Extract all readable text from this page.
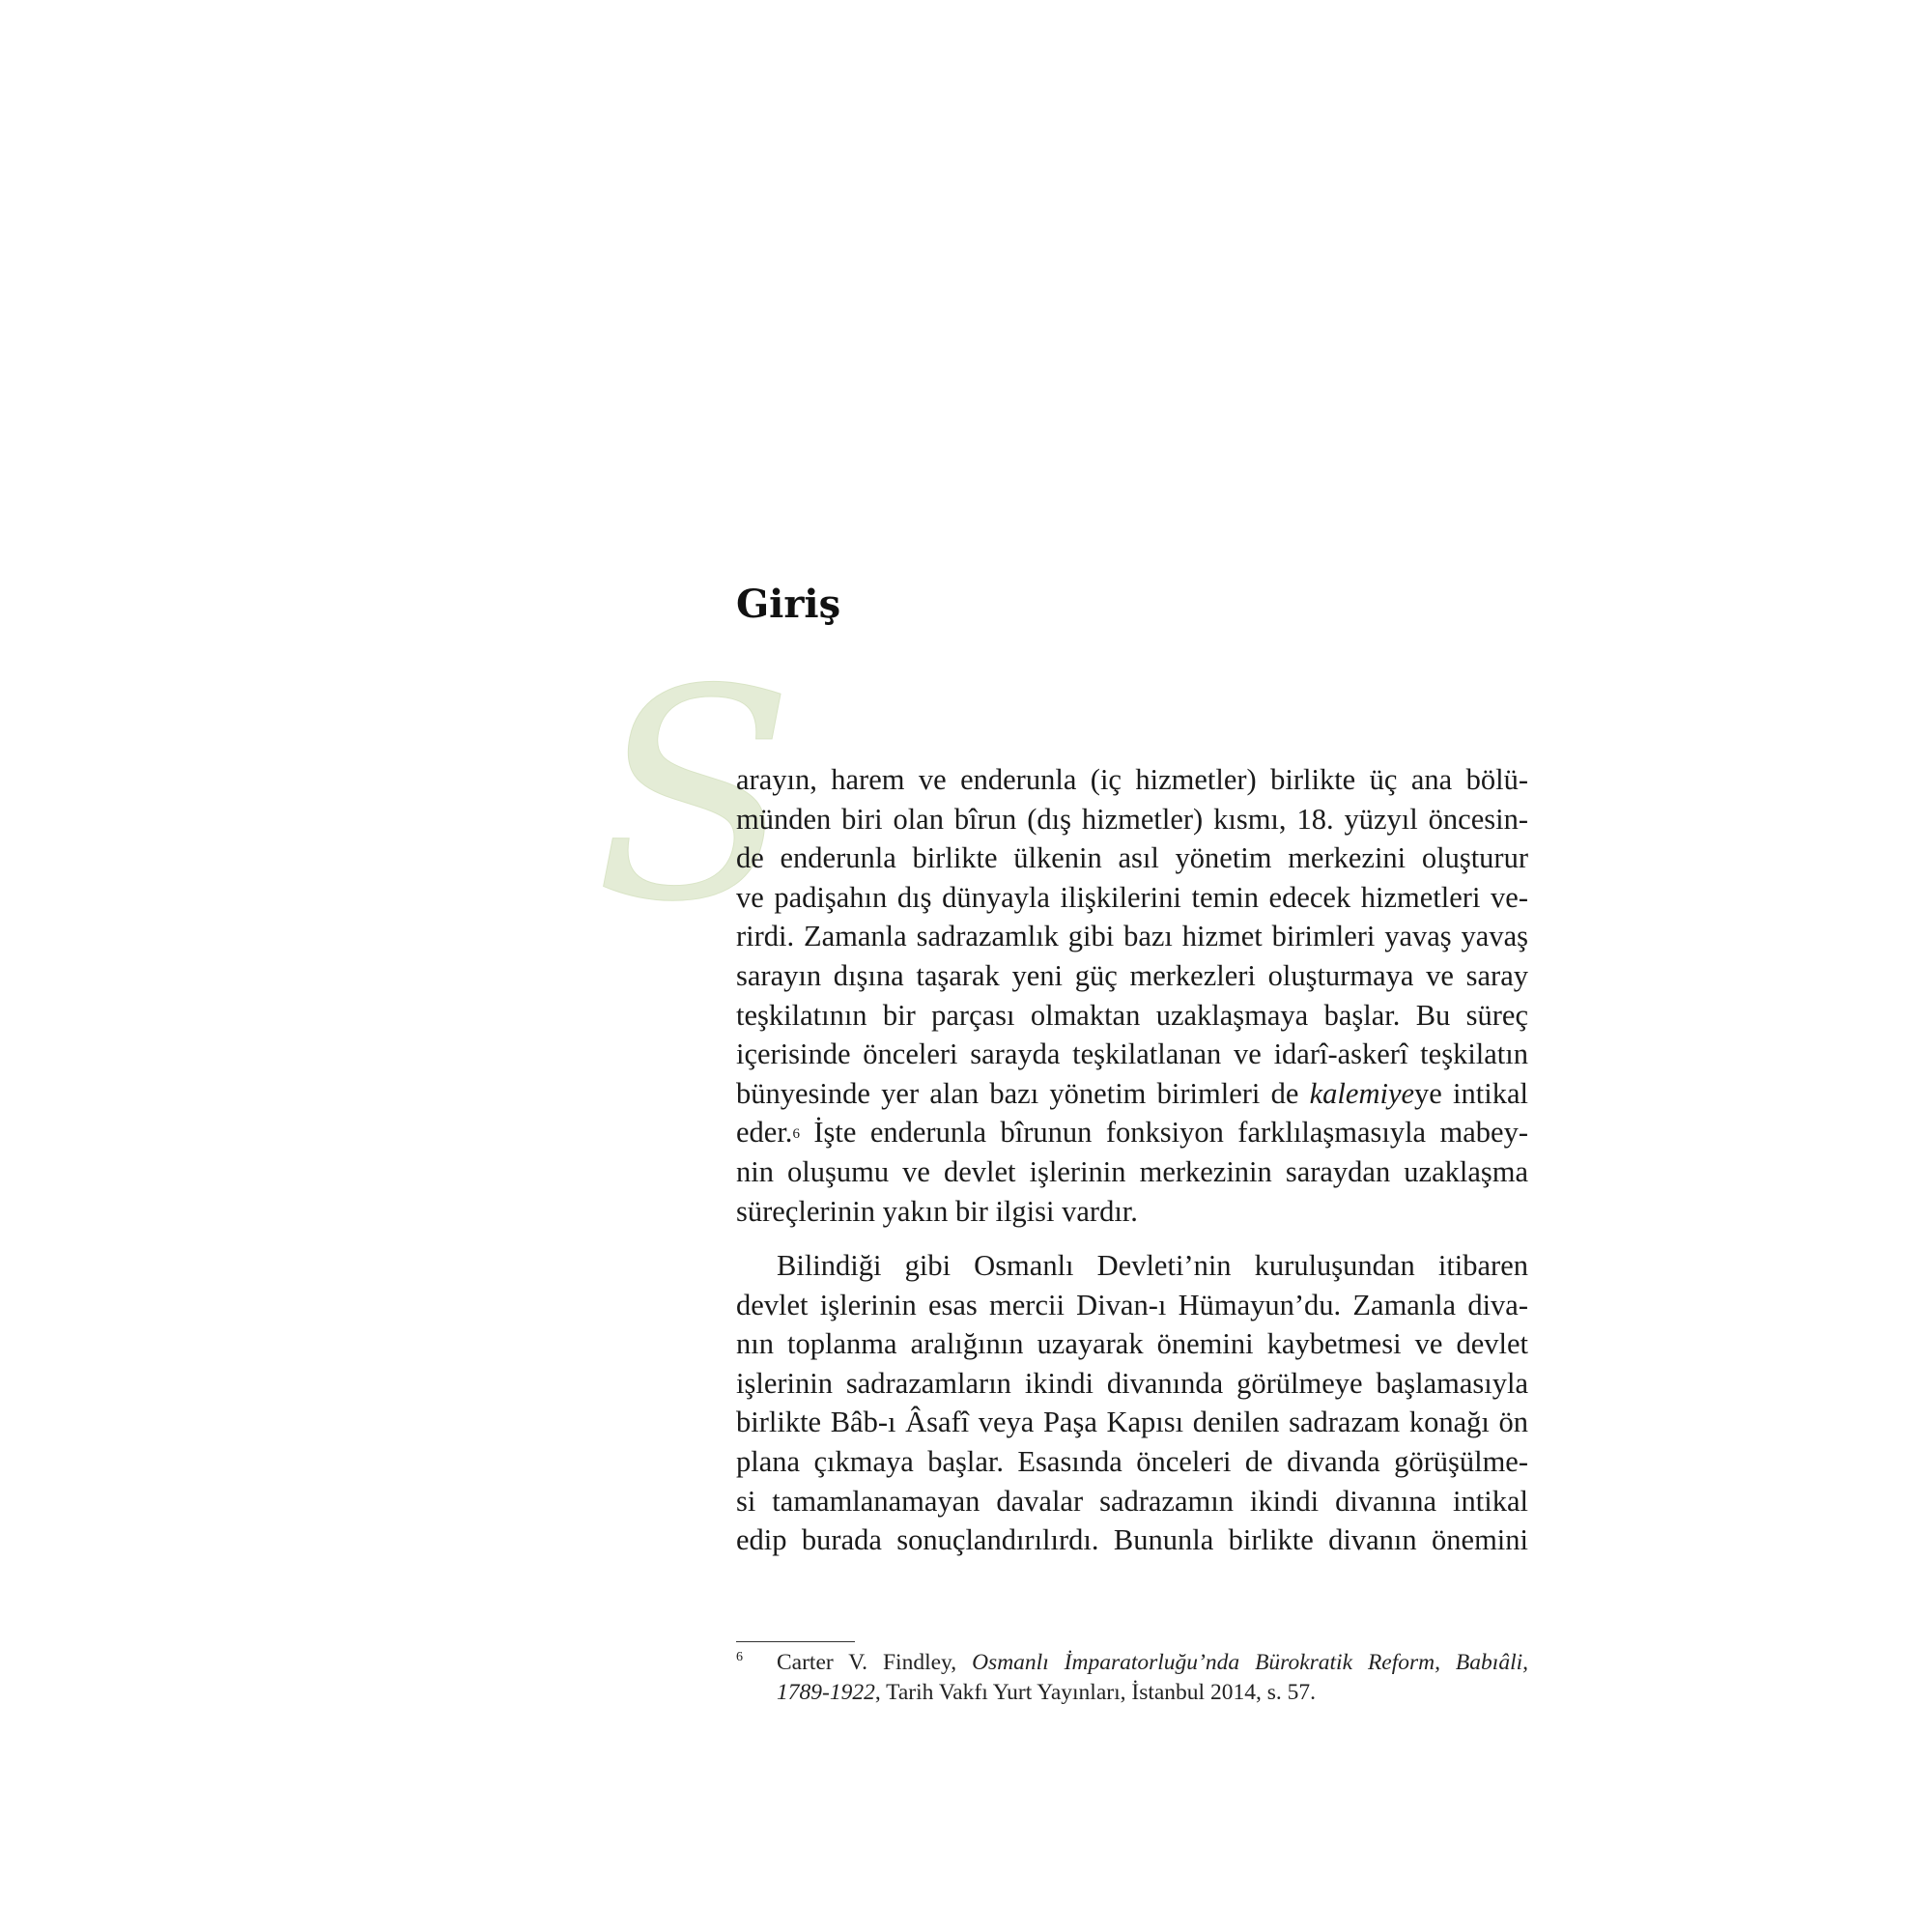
Giriş
S
arayın, harem ve enderunla (iç hizmetler) birlikte üç ana bölü-
münden biri olan bîrun (dış hizmetler) kısmı, 18. yüzyıl öncesin-
de enderunla birlikte ülkenin asıl yönetim merkezini oluşturur
ve padişahın dış dünyayla ilişkilerini temin edecek hizmetleri ve-
rirdi. Zamanla sadrazamlık gibi bazı hizmet birimleri yavaş yavaş
sarayın dışına taşarak yeni güç merkezleri oluşturmaya ve saray
teşkilatının bir parçası olmaktan uzaklaşmaya başlar. Bu süreç
içerisinde önceleri sarayda teşkilatlanan ve idarî-askerî teşkilatın
bünyesinde yer alan bazı yönetim birimleri de kalemiyeye intikal
eder.$^6$ İşte enderunla bîrunun fonksiyon farklılaşmasıyla mabey-
nin oluşumu ve devlet işlerinin merkezinin saraydan uzaklaşma
süreçlerinin yakın bir ilgisi vardır.
Bilindiği gibi Osmanlı Devleti’nin kuruluşundan itibaren
devlet işlerinin esas mercii Divan-ı Hümayun’du. Zamanla diva-
nın toplanma aralığının uzayarak önemini kaybetmesi ve devlet
işlerinin sadrazamların ikindi divanında görülmeye başlamasıyla
birlikte Bâb-ı Âsafî veya Paşa Kapısı denilen sadrazam konağı ön
plana çıkmaya başlar. Esasında önceleri de divanda görüşülme-
si tamamlanamayan davalar sadrazamın ikindi divanına intikal
edip burada sonuçlandırılırdı. Bununla birlikte divanın önemini
6 Carter V. Findley, Osmanlı İmparatorluğu’nda Bürokratik Reform, Babıâli,
1789-1922, Tarih Vakfı Yurt Yayınları, İstanbul 2014, s. 57.
